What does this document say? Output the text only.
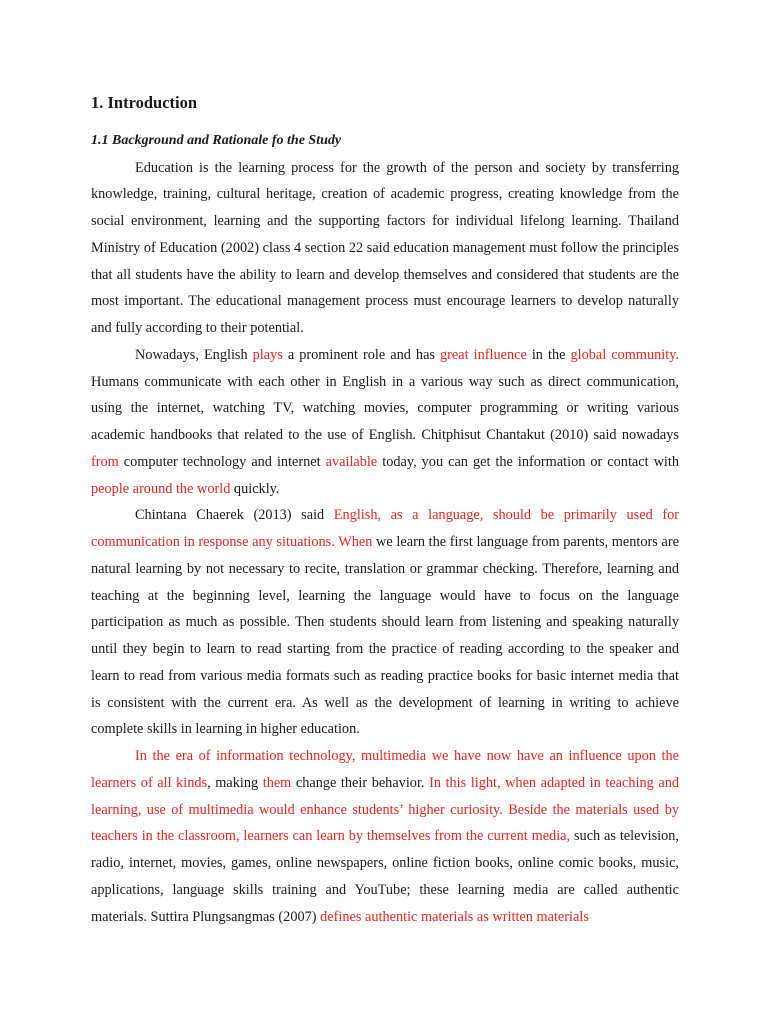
1. Introduction
1.1 Background and Rationale fo the Study

Education is the learning process for the growth of the person and society by transferring knowledge, training, cultural heritage, creation of academic progress, creating knowledge from the social environment, learning and the supporting factors for individual lifelong learning. Thailand Ministry of Education (2002) class 4 section 22 said education management must follow the principles that all students have the ability to learn and develop themselves and considered that students are the most important. The educational management process must encourage learners to develop naturally and fully according to their potential.

Nowadays, English plays a prominent role and has great influence in the global community. Humans communicate with each other in English in a various way such as direct communication, using the internet, watching TV, watching movies, computer programming or writing various academic handbooks that related to the use of English. Chitphisut Chantakut (2010) said nowadays from computer technology and internet available today, you can get the information or contact with people around the world quickly.

Chintana Chaerek (2013) said English, as a language, should be primarily used for communication in response any situations. When we learn the first language from parents, mentors are natural learning by not necessary to recite, translation or grammar checking. Therefore, learning and teaching at the beginning level, learning the language would have to focus on the language participation as much as possible. Then students should learn from listening and speaking naturally until they begin to learn to read starting from the practice of reading according to the speaker and learn to read from various media formats such as reading practice books for basic internet media that is consistent with the current era. As well as the development of learning in writing to achieve complete skills in learning in higher education.

In the era of information technology, multimedia we have now have an influence upon the learners of all kinds, making them change their behavior. In this light, when adapted in teaching and learning, use of multimedia would enhance students’ higher curiosity. Beside the materials used by teachers in the classroom, learners can learn by themselves from the current media, such as television, radio, internet, movies, games, online newspapers, online fiction books, online comic books, music, applications, language skills training and YouTube; these learning media are called authentic materials. Suttira Plungsangmas (2007) defines authentic materials as written materials
